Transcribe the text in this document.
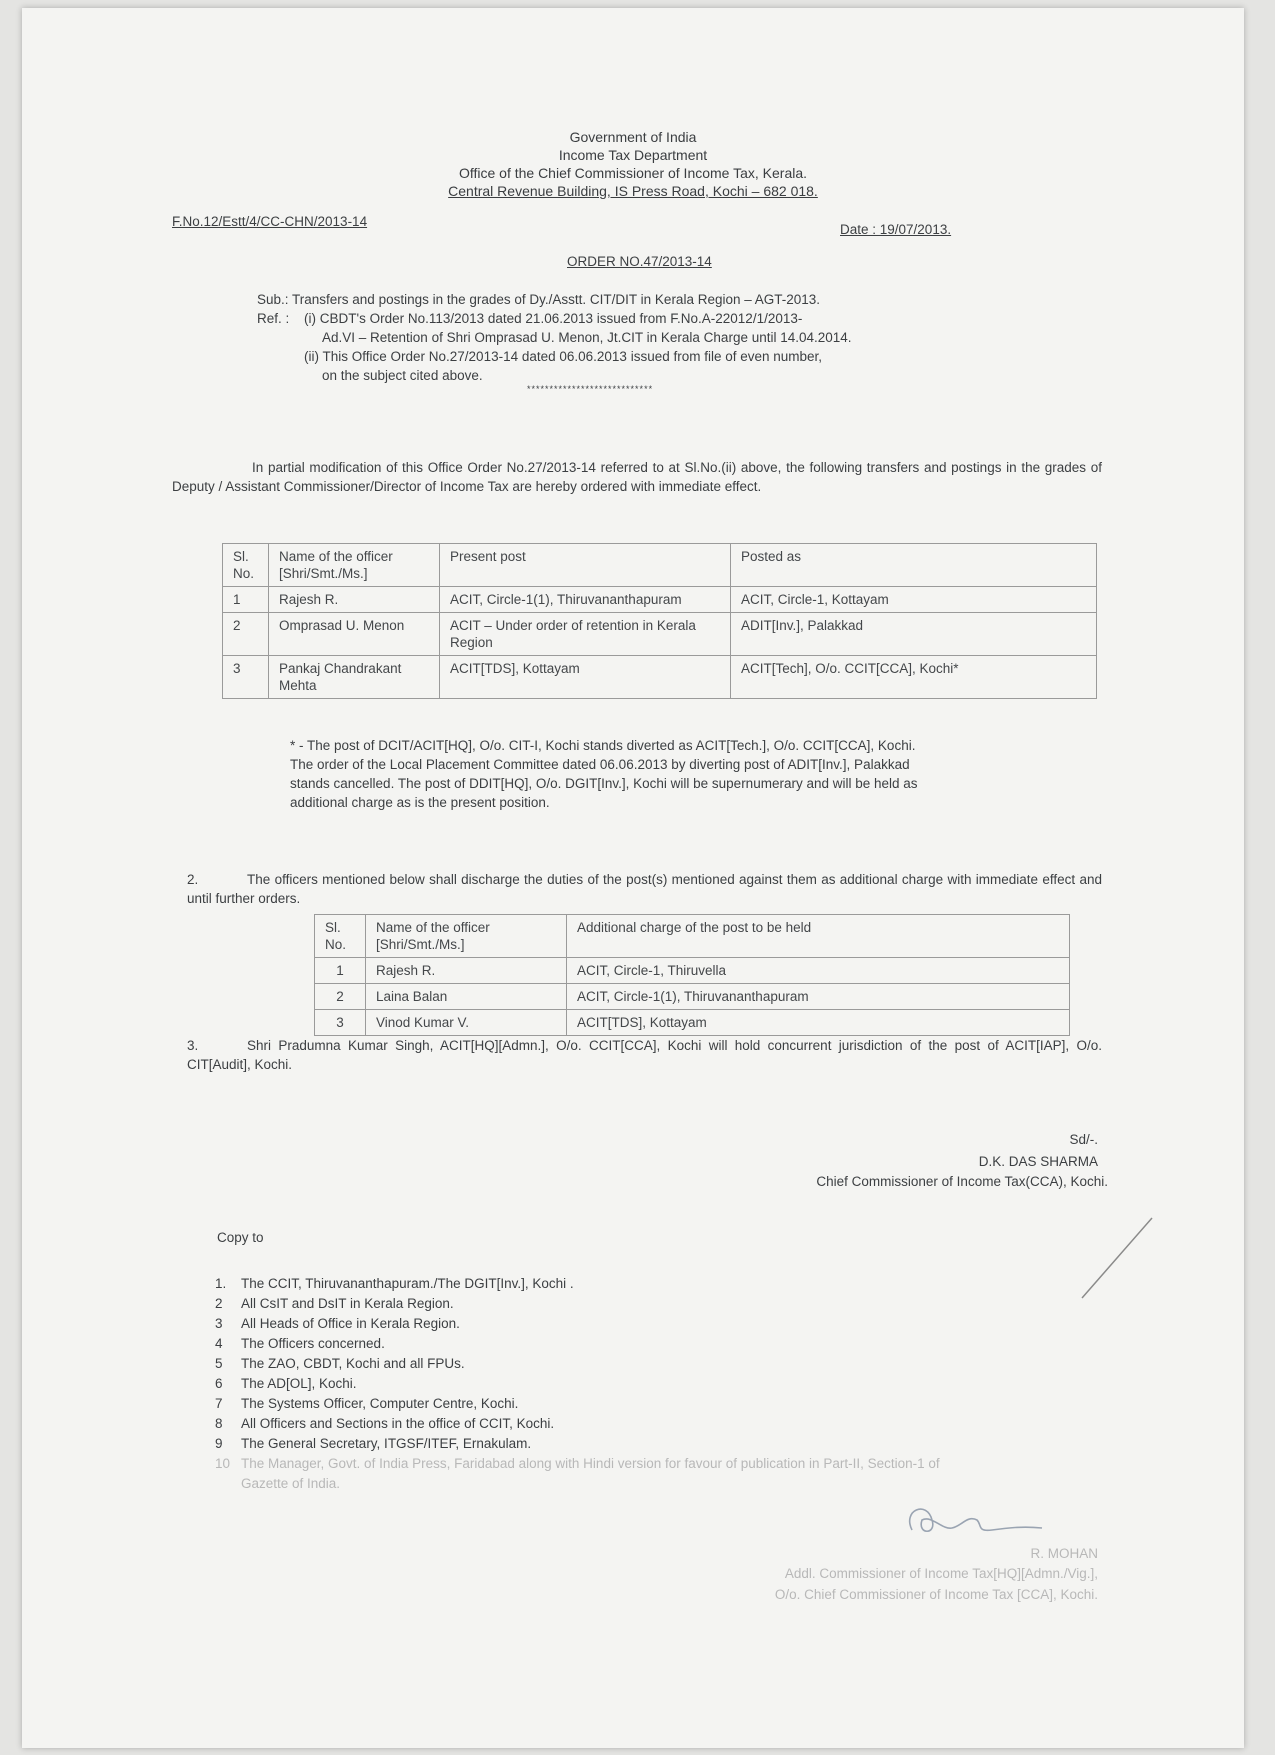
Government of India
Income Tax Department
Office of the Chief Commissioner of Income Tax, Kerala.
Central Revenue Building, IS Press Road, Kochi – 682 018.
F.No.12/Estt/4/CC-CHN/2013-14
Date : 19/07/2013.
ORDER NO.47/2013-14
Sub.: Transfers and postings in the grades of Dy./Asstt. CIT/DIT in Kerala Region – AGT-2013.
Ref. : (i) CBDT's Order No.113/2013 dated 21.06.2013 issued from F.No.A-22012/1/2013-
Ad.VI – Retention of Shri Omprasad U. Menon, Jt.CIT in Kerala Charge until 14.04.2014.
(ii) This Office Order No.27/2013-14 dated 06.06.2013 issued from file of even number,
on the subject cited above.
****************************
In partial modification of this Office Order No.27/2013-14 referred to at Sl.No.(ii) above, the following transfers and postings in the grades of Deputy / Assistant Commissioner/Director of Income Tax are hereby ordered with immediate effect.
Sl. No.	Name of the officer [Shri/Smt./Ms.]	Present post	Posted as
1	Rajesh R.	ACIT, Circle-1(1), Thiruvananthapuram	ACIT, Circle-1, Kottayam
2	Omprasad U. Menon	ACIT – Under order of retention in Kerala Region	ADIT[Inv.], Palakkad
3	Pankaj Chandrakant Mehta	ACIT[TDS], Kottayam	ACIT[Tech], O/o. CCIT[CCA], Kochi*
* - The post of DCIT/ACIT[HQ], O/o. CIT-I, Kochi stands diverted as ACIT[Tech.], O/o. CCIT[CCA], Kochi. The order of the Local Placement Committee dated 06.06.2013 by diverting post of ADIT[Inv.], Palakkad stands cancelled. The post of DDIT[HQ], O/o. DGIT[Inv.], Kochi will be supernumerary and will be held as additional charge as is the present position.
2.	The officers mentioned below shall discharge the duties of the post(s) mentioned against them as additional charge with immediate effect and until further orders.
Sl. No.	Name of the officer [Shri/Smt./Ms.]	Additional charge of the post to be held
1	Rajesh R.	ACIT, Circle-1, Thiruvella
2	Laina Balan	ACIT, Circle-1(1), Thiruvananthapuram
3	Vinod Kumar V.	ACIT[TDS], Kottayam
3.	Shri Pradumna Kumar Singh, ACIT[HQ][Admn.], O/o. CCIT[CCA], Kochi will hold concurrent jurisdiction of the post of ACIT[IAP], O/o. CIT[Audit], Kochi.
Sd/-.
D.K. DAS SHARMA
Chief Commissioner of Income Tax(CCA), Kochi.
Copy to
1.	The CCIT, Thiruvananthapuram./The DGIT[Inv.], Kochi .
2	All CsIT and DsIT in Kerala Region.
3	All Heads of Office in Kerala Region.
4	The Officers concerned.
5	The ZAO, CBDT, Kochi and all FPUs.
6	The AD[OL], Kochi.
7	The Systems Officer, Computer Centre, Kochi.
8	All Officers and Sections in the office of CCIT, Kochi.
9	The General Secretary, ITGSF/ITEF, Ernakulam.
10 The Manager, Govt. of India Press, Faridabad along with Hindi version for favour of publication in Part-II, Section-1 of Gazette of India.
R. MOHAN
Addl. Commissioner of Income Tax[HQ][Admn./Vig.],
O/o. Chief Commissioner of Income Tax [CCA], Kochi.
